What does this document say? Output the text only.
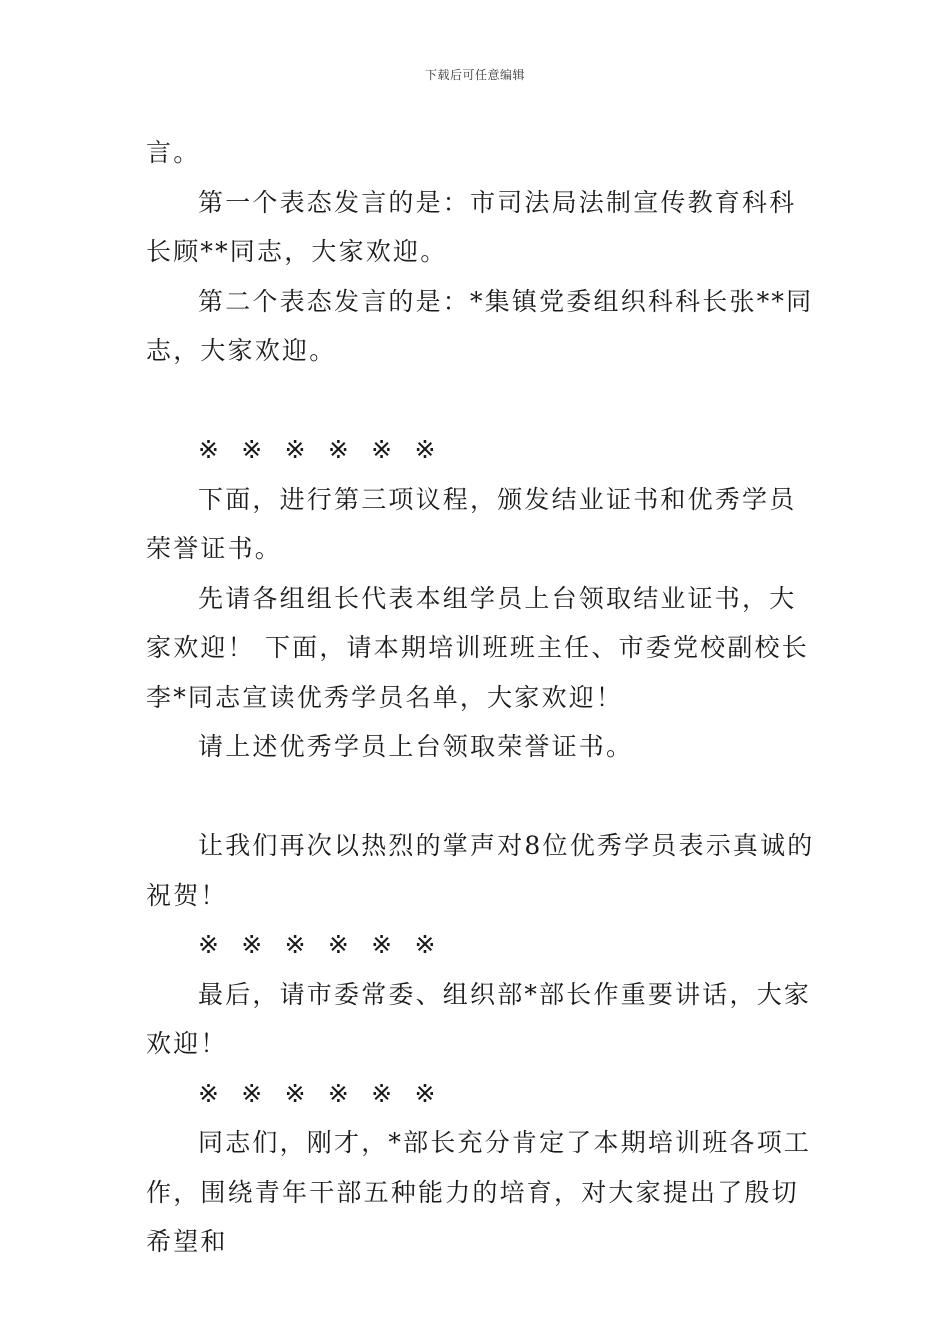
下载后可任意编辑

言。

第一个表态发言的是：市司法局法制宣传教育科科长顾**同志，大家欢迎。

第二个表态发言的是：*集镇党委组织科科长张**同志，大家欢迎。

※ ※ ※ ※ ※ ※

下面，进行第三项议程，颁发结业证书和优秀学员荣誉证书。

先请各组组长代表本组学员上台领取结业证书，大家欢迎！ 下面，请本期培训班班主任、市委党校副校长李*同志宣读优秀学员名单，大家欢迎！

请上述优秀学员上台领取荣誉证书。

让我们再次以热烈的掌声对8位优秀学员表示真诚的祝贺！

※ ※ ※ ※ ※ ※

最后，请市委常委、组织部*部长作重要讲话，大家欢迎！

※ ※ ※ ※ ※ ※

同志们，刚才，*部长充分肯定了本期培训班各项工作，围绕青年干部五种能力的培育，对大家提出了殷切希望和
